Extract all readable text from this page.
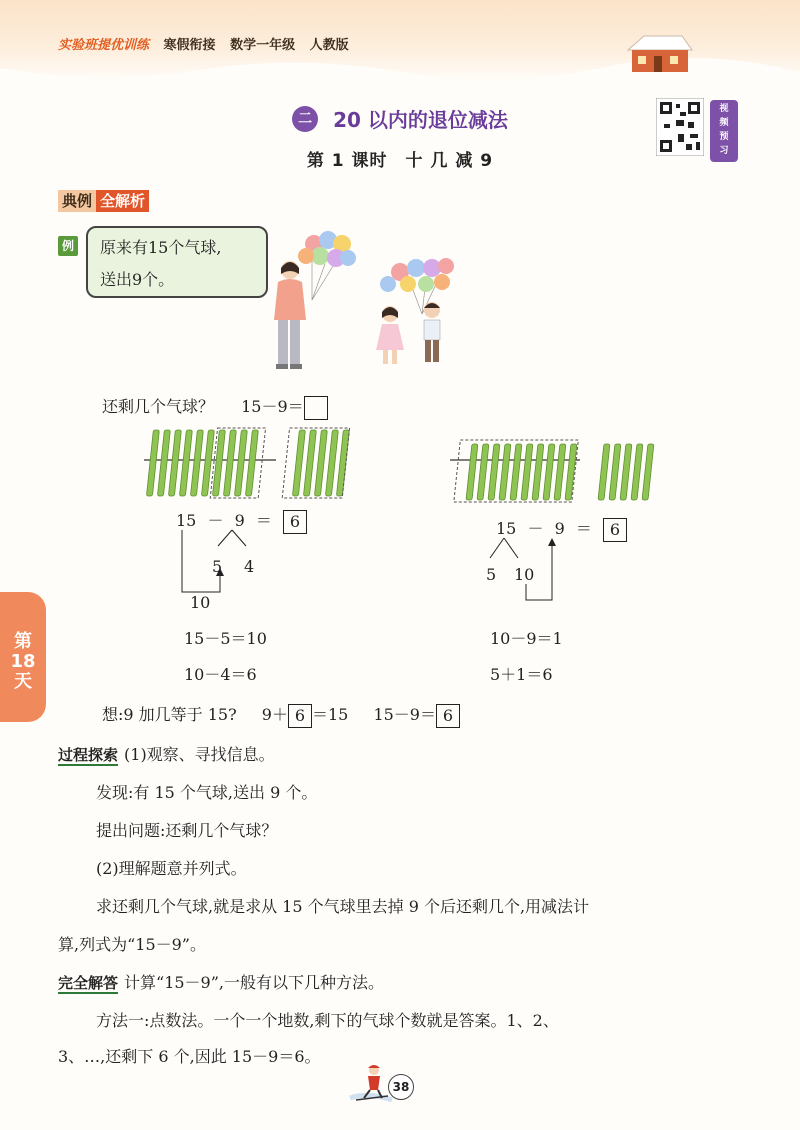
实验班提优训练 寒假衔接 数学一年级 人教版
二 20 以内的退位减法
第 1 课时　十 几 减 9
视
频
预
习
典例 全解析
例 原来有15个气球,
送出9个。
还剩几个气球？ 15－9＝
15 － 9 ＝ 6
5 4
10
15－5＝10
10－4＝6
15 － 9 ＝ 6
5 10
10－9＝1
5＋1＝6
第
18
天
想:9 加几等于 15? 9＋ 6 ＝15 15－9＝ 6
过程探索 (1)观察、寻找信息。
发现:有 15 个气球,送出 9 个。
提出问题:还剩几个气球？
(2)理解题意并列式。
求还剩几个气球,就是求从 15 个气球里去掉 9 个后还剩几个,用减法计
算,列式为“15－9”。
完全解答 计算“15－9”,一般有以下几种方法。
方法一:点数法。一个一个地数,剩下的气球个数就是答案。1、2、
3、…,还剩下 6 个,因此 15－9＝6。
38
